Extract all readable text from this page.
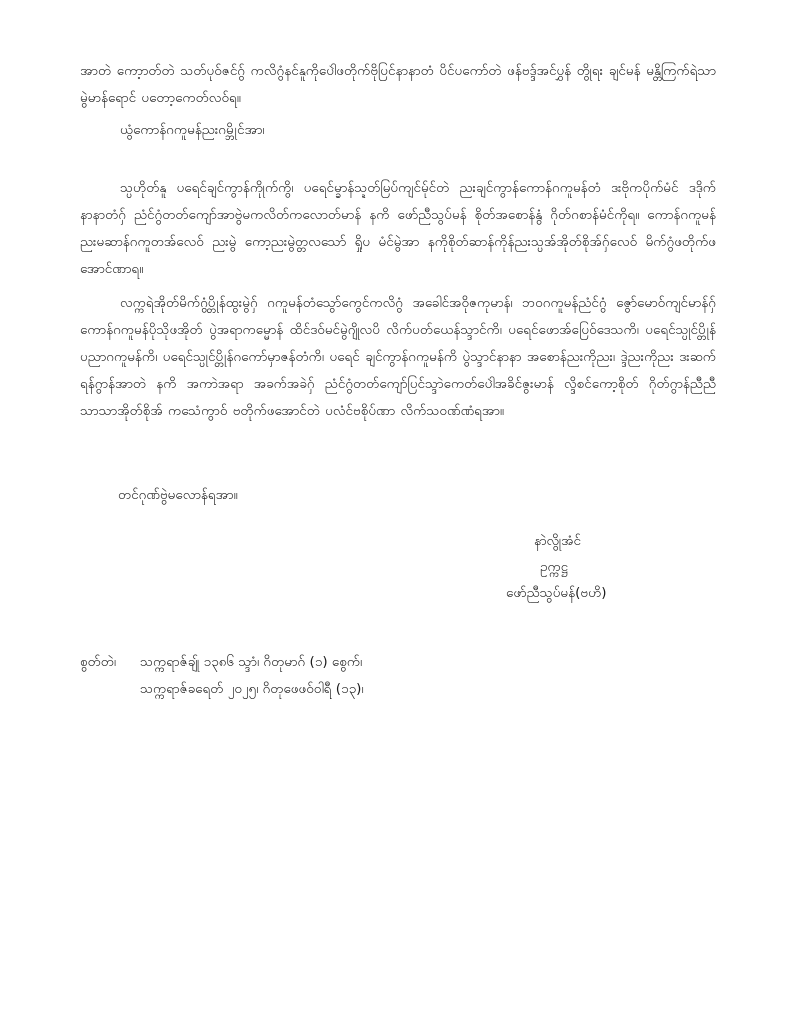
အာတဲ ကော့ာတ်တဲ သတ်ပုဝ်ဇင်ဂွ် ကလိဂွံနင်နူကိုပေါဲဖတိုက်ဗိုပြင်နာနာတံ ပိင်ပကော်တဲ ဖန်ဗဒ္ဒ်အင်ပွှန် တွိုရး ချင်မန် မန္တိကြက်ရဲသာမွဲမာန်ရောင် ပတော့ကေတ်လဝ်ရ။

ယွံကောန်ဂကူမန်ညးဂမ္ဘိုင်အာ၊

သ္ပဟိုတ်နူ ပရေင်ချင်ကွာန်ကိုုက်ကွိ၊ ပရေင်မ္ခာန်သ္ဍတ်မြပ်ကျင်မ်ုင်တဲ ညးချင်ကွာန်ကောန်ဂကူမန်တံ ဒးဗိုကပိုက်မံင် ဒဒိုက်နာနာတံဂှ် ညံင်ဂွံတတ်ကျော်အာဗွဲမကလိတ်ကလောတ်မာန် နကိ ဖော်ညီသွပ်မန် စိုတ်အစောန်နွံ ဂိုတ်ဂစာန်မံင်ကိုရ။ ကောန်ဂကူမန် ညးမဆာန်ဂကူတအ်လေဝ် ညးမွဲ ကော့ညးမွဲတ္တလသော် ရှိုပ မံင်မွဲအာ နကိုစိုတ်ဆာန်ကိုန်ညးသ္ပအ်အိုတ်စိုအ်ဂှ်လေဝ် မိက်ဂွံဖတိုက်ဖအောင်ဏာရ။

လက္ကရဲအိုတ်မိက်ဂွံပ္တိုန်ထွးမွဲဂှ် ဂကူမန်တံသွော်ကွေင်ကလိဂွံ အခေါင်အဝိုဇကုမာန်၊ ဘဝဂကူမန်ညံင်ဂွံ ဇွော်မောဝ်ကျင်မာန်ဂှ် ကောန်ဂကူမန်ပိုသိုဖအိုတ် ပွဲအရာကမ္မောန် ထိင်ဒဝ်မင်မွဲဂျိုလပိ လိက်ပတ်ယေန်သ္ဒာင်ကိ၊ ပရေင်ဖောအ်ပြေဝ်ဒေသကိ၊ ပရေင်သ္ပုင်ပ္တိုန်ပညာဂကူမန်ကိ၊ ပရေင်သ္ပုင်ပ္တိုန်ဂကော်မှာဇန်တံကိ၊ ပရေင် ချင်ကွာန်ဂကူမန်ကိ ပွဲသ္ဒာင်နာနာ အစောန်ညးကိုညး၊ ဒ္ဒဲညးကိုညး ဒးဆက်ရန်ဂွာန်အာတဲ နကိ အကာဲအရာ အခက်အခဲဂှ် ညံင်ဂွံတတ်ကျော်ပြင်သ္ဒာဲကေတ်ပေါဲအခိင်ဇွးမာန် လ္ဒိစင်ကော့စိုတ် ဂိုတ်ဂွာန်ညီညီသာသာအိုတ်စိုအ် ကသေံကွာဝ် ဗတိုက်ဖအောင်တဲ ပလံင်ဗစိုပ်ဏာ လိက်သဝဏ်ဏံရအာ။

တင်ဂုဏ်ဗွဲမလောန်ရအာ။

နာဲလွိုအံင်
ဥက္ကဋ္ဌ
ဖော်ညီသွပ်မန်(ဗဟိ)
စွတ်တဲ၊ သက္ကရာဇ်ချ်ု ၁၃၈၆ သ္ဒာံ၊ ဂိတုမာဂ် (၁) စွေက်၊
သက္ကရာဇ်ခရေတ် ၂၀၂၅၊ ဂိတုဖေဖဝ်ဝါရီ (၁၃)၊
